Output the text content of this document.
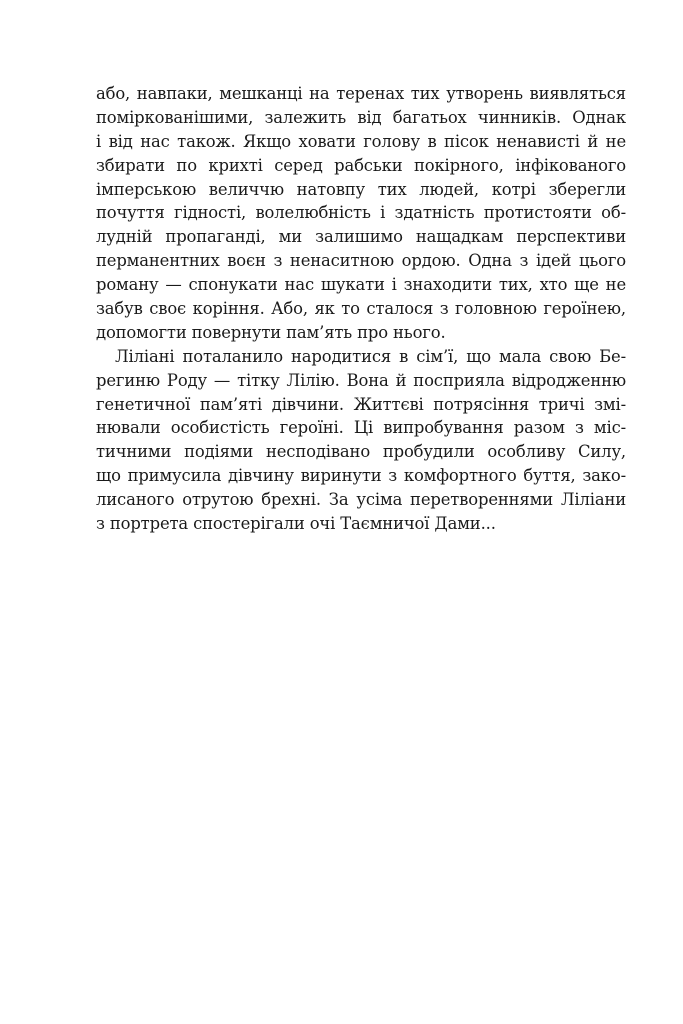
або, навпаки, мешканці на теренах тих утворень виявляться
поміркованішими, залежить від багатьох чинників. Однак
і від нас також. Якщо ховати голову в пісок ненависті й не
збирати по крихті серед рабськи покірного, інфікованого
імперською величчю натовпу тих людей, котрі зберегли
почуття гідності, волелюбність і здатність протистояти об-
лудній пропаганді, ми залишимо нащадкам перспективи
перманентних воєн з ненаситною ордою. Одна з ідей цього
роману — спонукати нас шукати і знаходити тих, хто ще не
забув своє коріння. Або, як то сталося з головною героїнею,
допомогти повернути пам’ять про нього.
Ліліані поталанило народитися в сім’ї, що мала свою Бе-
региню Роду — тітку Лілію. Вона й посприяла відродженню
генетичної пам’яті дівчини. Життєві потрясіння тричі змі-
нювали особистість героїні. Ці випробування разом з міс-
тичними подіями несподівано пробудили особливу Силу,
що примусила дівчину виринути з комфортного буття, зако-
лисаного отрутою брехні. За усіма перетвореннями Ліліани
з портрета спостерігали очі Таємничої Дами...
